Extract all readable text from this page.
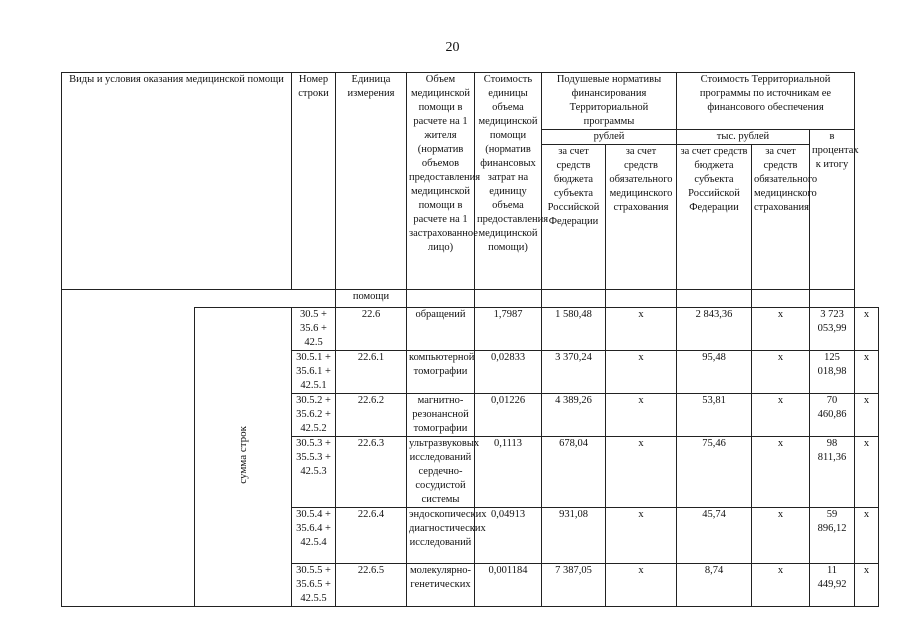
20
Виды и условия оказания медицинской помощи		Номер строки	Единица измерения	Объем медицинской помощи в расчете на 1 жителя (норматив объемов предоставления медицинской помощи в расчете на 1 застрахованное лицо)	Стоимость единицы объема медицинской помощи (норматив финансовых затрат на единицу объема предоставления медицинской помощи)	Подушевые нормативы финансирования Территориальной программы		Стоимость Территориальной программы по источникам ее финансового обеспечения			
						рублей		тыс. рублей		в процентах к итогу	
						за счет средств бюджета субъекта Российской Федерации	за счет средств обязательного медицинского страхования	за счет средств бюджета субъекта Российской Федерации	за счет средств обязательного медицинского страхования		
			помощи								
	сумма строк	30.5 + 35.6 + 42.5	22.6	обращений	1,7987	1 580,48	x	2 843,36	x	3 723 053,99	x
		30.5.1 + 35.6.1 + 42.5.1	22.6.1	компьютерной томографии	0,02833	3 370,24	x	95,48	x	125 018,98	x
		30.5.2 + 35.6.2 + 42.5.2	22.6.2	магнитно-резонансной томографии	0,01226	4 389,26	x	53,81	x	70 460,86	x
		30.5.3 + 35.5.3 + 42.5.3	22.6.3	ультразвуковых исследований сердечно-сосудистой системы	0,1113	678,04	x	75,46	x	98 811,36	x
		30.5.4 + 35.6.4 + 42.5.4	22.6.4	эндоскопических диагностических исследований	0,04913	931,08	x	45,74	x	59 896,12	x
		30.5.5 + 35.6.5 + 42.5.5	22.6.5	молекулярно-генетических	0,001184	7 387,05	x	8,74	x	11 449,92	x
